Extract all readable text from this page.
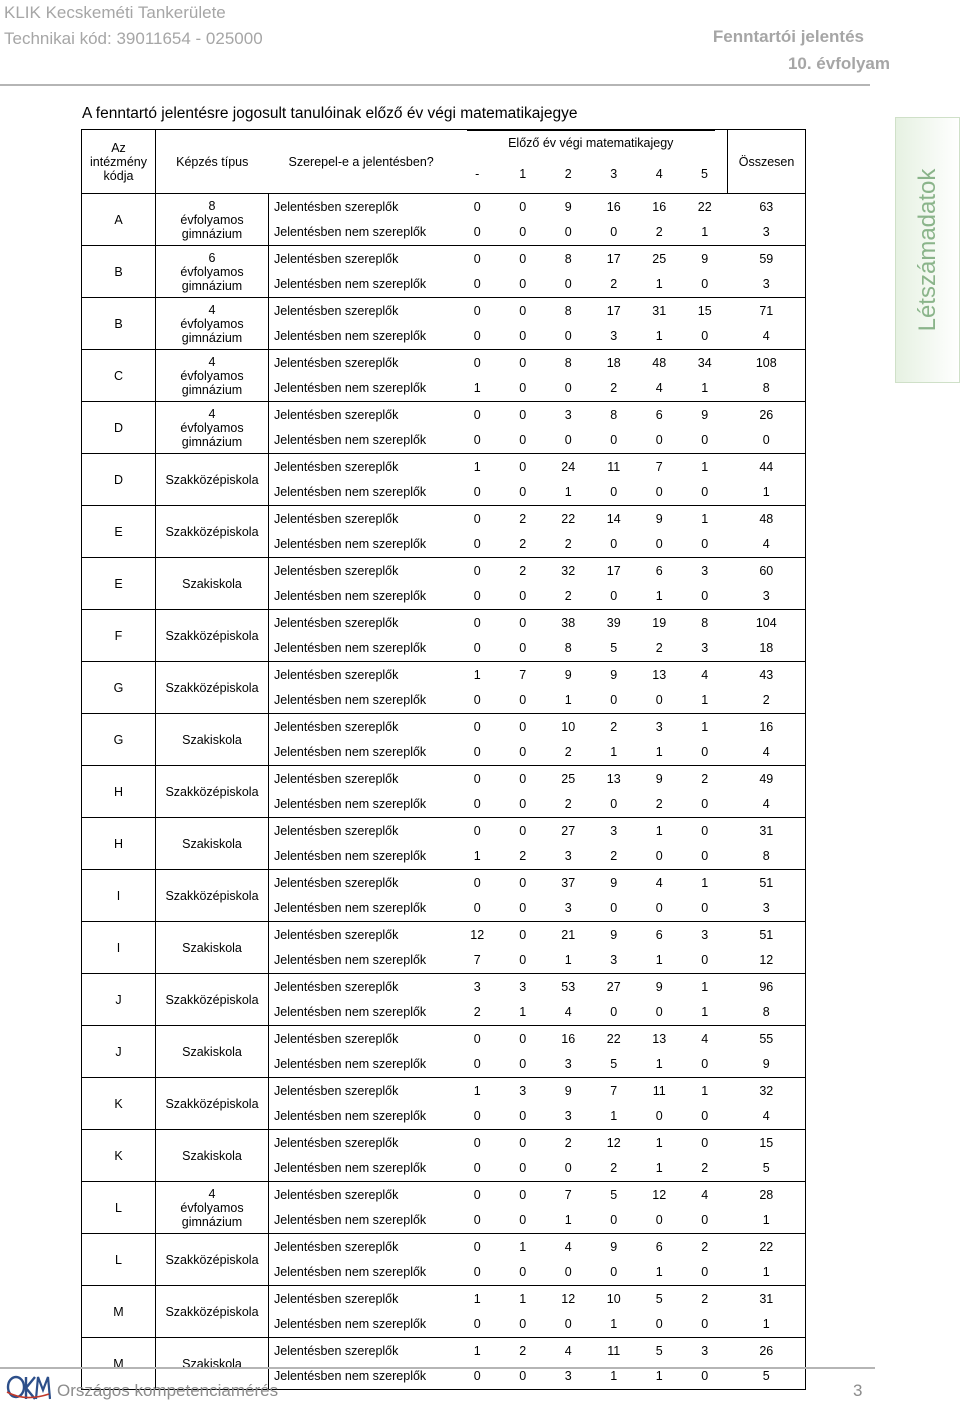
KLIK Kecskeméti Tankerülete
Technikai kód: 39011654 - 025000	Fenntartói jelentés
10. évfolyam
A fenntartó jelentésre jogosult tanulóinak előző év végi matematikajegye
Létszámadatok
Az intézmény kódja	Képzés típus	Szerepel-e a jelentésben?	Előző év végi matematikajegy						Összesen
			-	1	2	3	4	5	
A	8 évfolyamos gimnázium	Jelentésben szereplők	0	0	9	16	16	22	63
		Jelentésben nem szereplők	0	0	0	0	2	1	3
B	6 évfolyamos gimnázium	Jelentésben szereplők	0	0	8	17	25	9	59
		Jelentésben nem szereplők	0	0	0	2	1	0	3
B	4 évfolyamos gimnázium	Jelentésben szereplők	0	0	8	17	31	15	71
		Jelentésben nem szereplők	0	0	0	3	1	0	4
C	4 évfolyamos gimnázium	Jelentésben szereplők	0	0	8	18	48	34	108
		Jelentésben nem szereplők	1	0	0	2	4	1	8
D	4 évfolyamos gimnázium	Jelentésben szereplők	0	0	3	8	6	9	26
		Jelentésben nem szereplők	0	0	0	0	0	0	0
D	Szakközépiskola	Jelentésben szereplők	1	0	24	11	7	1	44
		Jelentésben nem szereplők	0	0	1	0	0	0	1
E	Szakközépiskola	Jelentésben szereplők	0	2	22	14	9	1	48
		Jelentésben nem szereplők	0	2	2	0	0	0	4
E	Szakiskola	Jelentésben szereplők	0	2	32	17	6	3	60
		Jelentésben nem szereplők	0	0	2	0	1	0	3
F	Szakközépiskola	Jelentésben szereplők	0	0	38	39	19	8	104
		Jelentésben nem szereplők	0	0	8	5	2	3	18
G	Szakközépiskola	Jelentésben szereplők	1	7	9	9	13	4	43
		Jelentésben nem szereplők	0	0	1	0	0	1	2
G	Szakiskola	Jelentésben szereplők	0	0	10	2	3	1	16
		Jelentésben nem szereplők	0	0	2	1	1	0	4
H	Szakközépiskola	Jelentésben szereplők	0	0	25	13	9	2	49
		Jelentésben nem szereplők	0	0	2	0	2	0	4
H	Szakiskola	Jelentésben szereplők	0	0	27	3	1	0	31
		Jelentésben nem szereplők	1	2	3	2	0	0	8
I	Szakközépiskola	Jelentésben szereplők	0	0	37	9	4	1	51
		Jelentésben nem szereplők	0	0	3	0	0	0	3
I	Szakiskola	Jelentésben szereplők	12	0	21	9	6	3	51
		Jelentésben nem szereplők	7	0	1	3	1	0	12
J	Szakközépiskola	Jelentésben szereplők	3	3	53	27	9	1	96
		Jelentésben nem szereplők	2	1	4	0	0	1	8
J	Szakiskola	Jelentésben szereplők	0	0	16	22	13	4	55
		Jelentésben nem szereplők	0	0	3	5	1	0	9
K	Szakközépiskola	Jelentésben szereplők	1	3	9	7	11	1	32
		Jelentésben nem szereplők	0	0	3	1	0	0	4
K	Szakiskola	Jelentésben szereplők	0	0	2	12	1	0	15
		Jelentésben nem szereplők	0	0	0	2	1	2	5
L	4 évfolyamos gimnázium	Jelentésben szereplők	0	0	7	5	12	4	28
		Jelentésben nem szereplők	0	0	1	0	0	0	1
L	Szakközépiskola	Jelentésben szereplők	0	1	4	9	6	2	22
		Jelentésben nem szereplők	0	0	0	0	1	0	1
M	Szakközépiskola	Jelentésben szereplők	1	1	12	10	5	2	31
		Jelentésben nem szereplők	0	0	0	1	0	0	1
M	Szakiskola	Jelentésben szereplők	1	2	4	11	5	3	26
		Jelentésben nem szereplők	0	0	3	1	1	0	5
Országos kompetenciamérés	3
